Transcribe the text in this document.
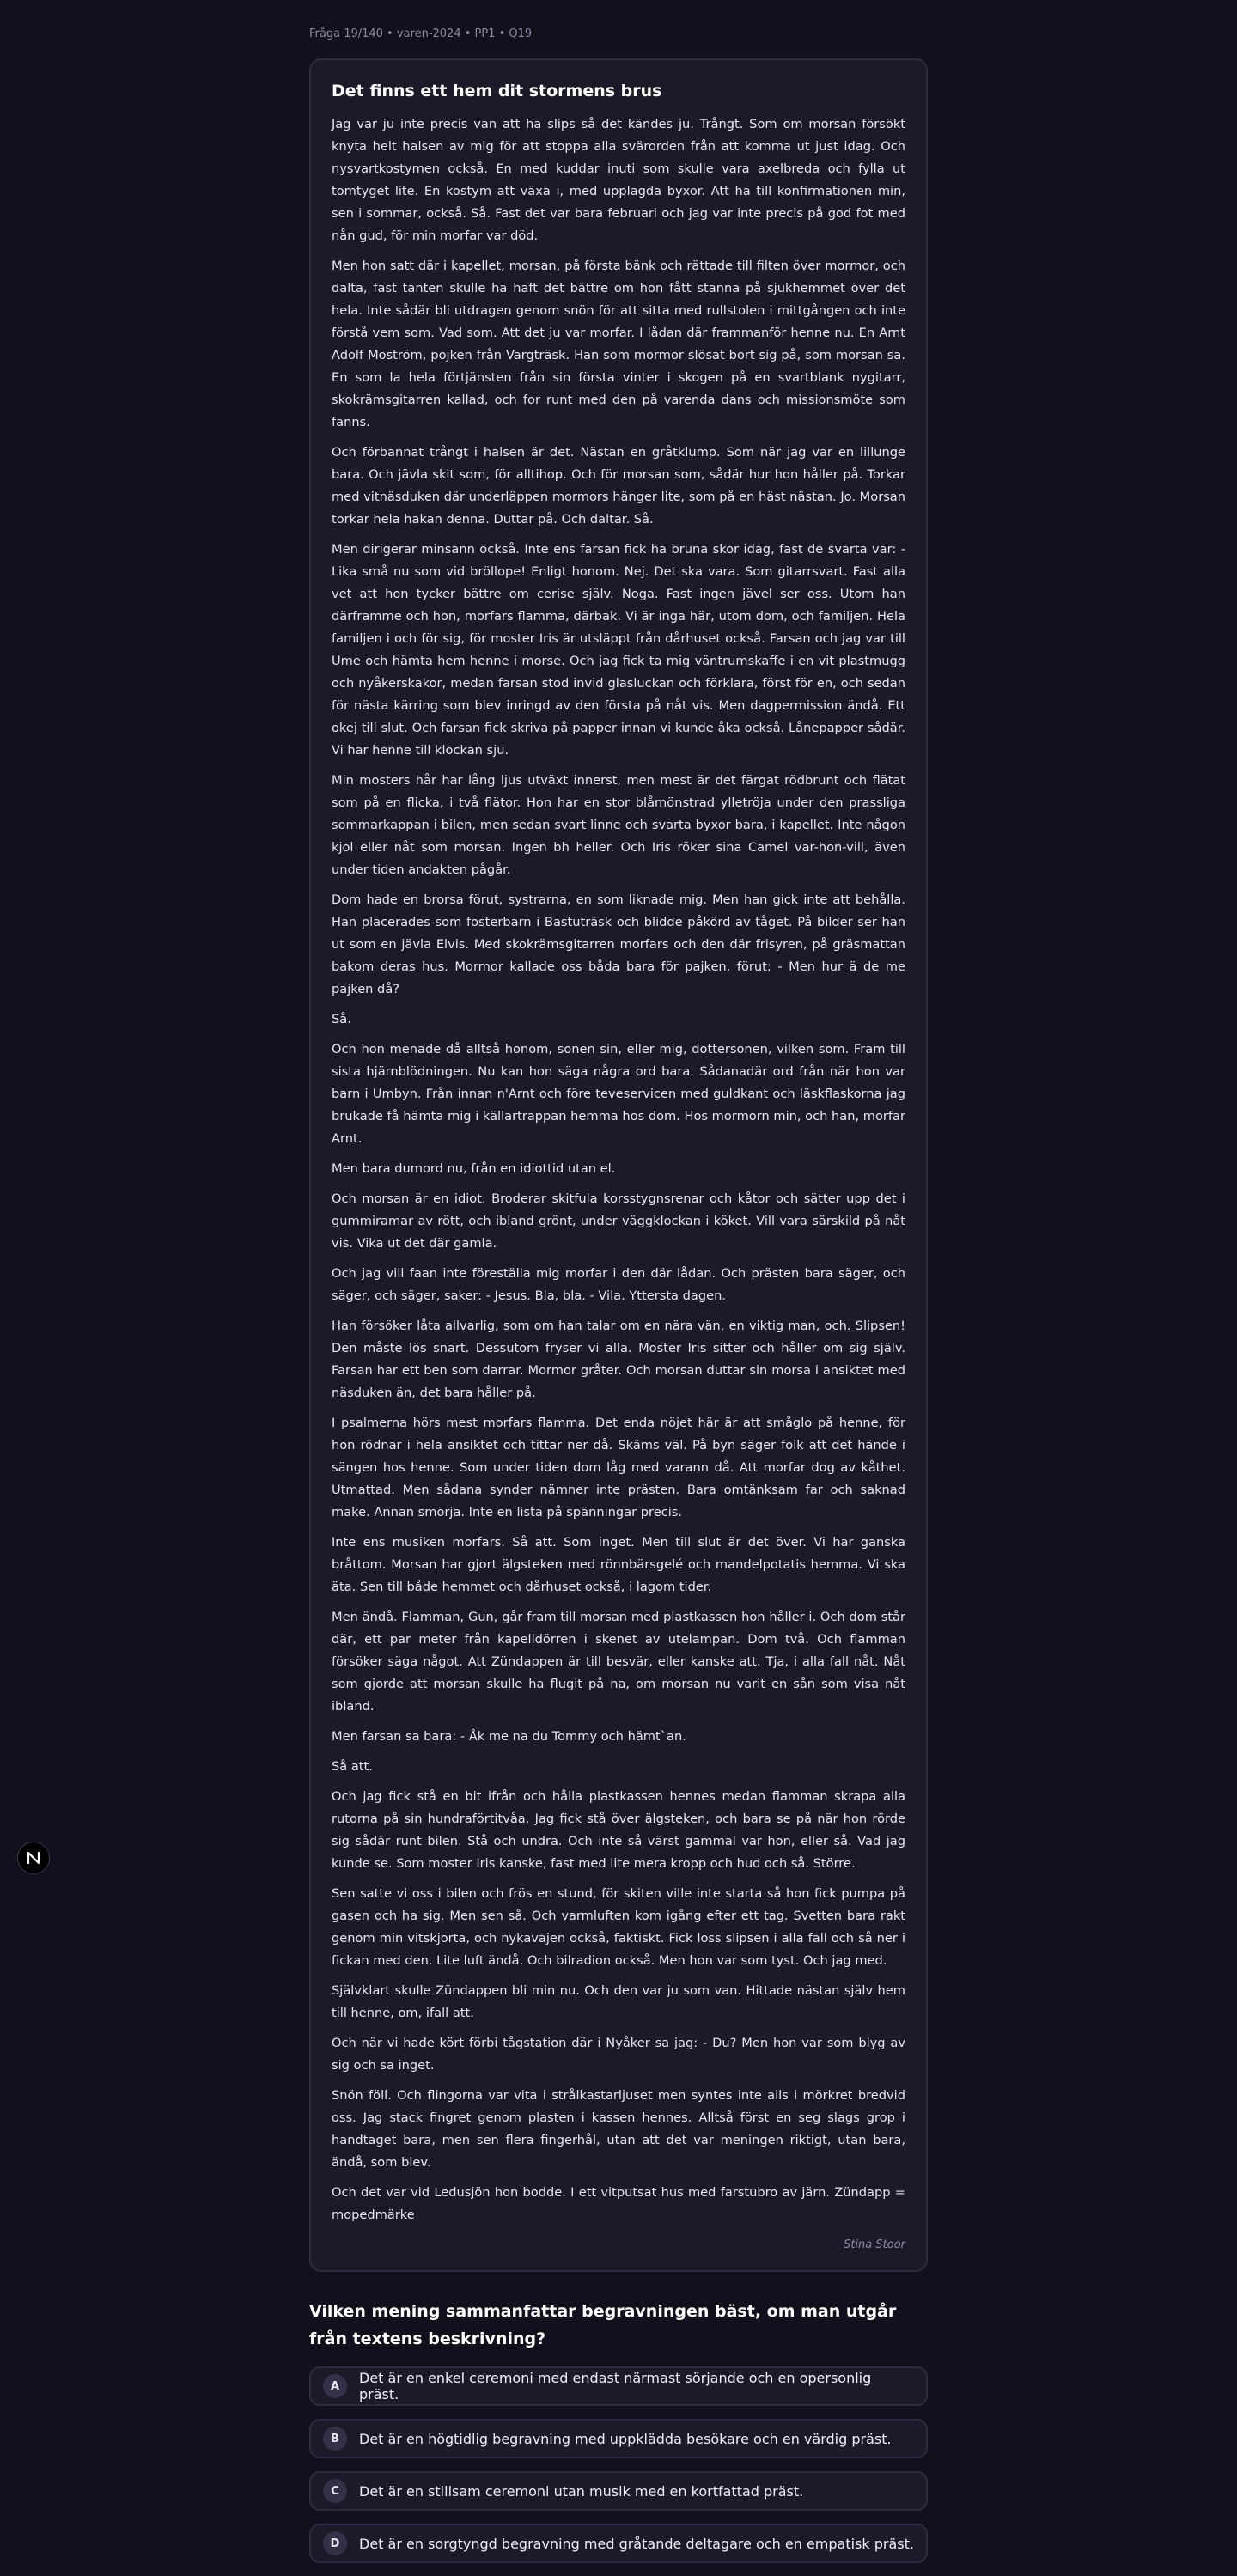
Fråga 19/140 • varen-2024 • PP1 • Q19
Det finns ett hem dit stormens brus

Jag var ju inte precis van att ha slips så det kändes ju. Trångt. Som om morsan försökt knyta helt halsen av mig för att stoppa alla svärorden från att komma ut just idag. Och nysvartkostymen också. En med kuddar inuti som skulle vara axelbreda och fylla ut tomtyget lite. En kostym att växa i, med upplagda byxor. Att ha till konfirmationen min, sen i sommar, också. Så. Fast det var bara februari och jag var inte precis på god fot med nån gud, för min morfar var död.

Men hon satt där i kapellet, morsan, på första bänk och rättade till filten över mormor, och dalta, fast tanten skulle ha haft det bättre om hon fått stanna på sjukhemmet över det hela. Inte sådär bli utdragen genom snön för att sitta med rullstolen i mittgången och inte förstå vem som. Vad som. Att det ju var morfar. I lådan där frammanför henne nu. En Arnt Adolf Moström, pojken från Vargträsk. Han som mormor slösat bort sig på, som morsan sa. En som la hela förtjänsten från sin första vinter i skogen på en svartblank nygitarr, skokrämsgitarren kallad, och for runt med den på varenda dans och missionsmöte som fanns.

Och förbannat trångt i halsen är det. Nästan en gråtklump. Som när jag var en lillunge bara. Och jävla skit som, för alltihop. Och för morsan som, sådär hur hon håller på. Torkar med vitnäsduken där underläppen mormors hänger lite, som på en häst nästan. Jo. Morsan torkar hela hakan denna. Duttar på. Och daltar. Så.

Men dirigerar minsann också. Inte ens farsan fick ha bruna skor idag, fast de svarta var: - Lika små nu som vid bröllope! Enligt honom. Nej. Det ska vara. Som gitarrsvart. Fast alla vet att hon tycker bättre om cerise själv. Noga. Fast ingen jävel ser oss. Utom han därframme och hon, morfars flamma, därbak. Vi är inga här, utom dom, och familjen. Hela familjen i och för sig, för moster Iris är utsläppt från dårhuset också. Farsan och jag var till Ume och hämta hem henne i morse. Och jag fick ta mig väntrumskaffe i en vit plastmugg och nyåkerskakor, medan farsan stod invid glasluckan och förklara, först för en, och sedan för nästa kärring som blev inringd av den första på nåt vis. Men dagpermission ändå. Ett okej till slut. Och farsan fick skriva på papper innan vi kunde åka också. Lånepapper sådär. Vi har henne till klockan sju.

Min mosters hår har lång ljus utväxt innerst, men mest är det färgat rödbrunt och flätat som på en flicka, i två flätor. Hon har en stor blåmönstrad ylletröja under den prassliga sommarkappan i bilen, men sedan svart linne och svarta byxor bara, i kapellet. Inte någon kjol eller nåt som morsan. Ingen bh heller. Och Iris röker sina Camel var-hon-vill, även under tiden andakten pågår.

Dom hade en brorsa förut, systrarna, en som liknade mig. Men han gick inte att behålla. Han placerades som fosterbarn i Bastuträsk och blidde påkörd av tåget. På bilder ser han ut som en jävla Elvis. Med skokrämsgitarren morfars och den där frisyren, på gräsmattan bakom deras hus. Mormor kallade oss båda bara för pajken, förut: - Men hur ä de me pajken då?

Så.

Och hon menade då alltså honom, sonen sin, eller mig, dottersonen, vilken som. Fram till sista hjärnblödningen. Nu kan hon säga några ord bara. Sådanadär ord från när hon var barn i Umbyn. Från innan n'Arnt och före teveservicen med guldkant och läskflaskorna jag brukade få hämta mig i källartrappan hemma hos dom. Hos mormorn min, och han, morfar Arnt.

Men bara dumord nu, från en idiottid utan el.

Och morsan är en idiot. Broderar skitfula korsstygnsrenar och kåtor och sätter upp det i gummiramar av rött, och ibland grönt, under väggklockan i köket. Vill vara särskild på nåt vis. Vika ut det där gamla.

Och jag vill faan inte föreställa mig morfar i den där lådan. Och prästen bara säger, och säger, och säger, saker: - Jesus. Bla, bla. - Vila. Yttersta dagen.

Han försöker låta allvarlig, som om han talar om en nära vän, en viktig man, och. Slipsen! Den måste lös snart. Dessutom fryser vi alla. Moster Iris sitter och håller om sig själv. Farsan har ett ben som darrar. Mormor gråter. Och morsan duttar sin morsa i ansiktet med näsduken än, det bara håller på.

I psalmerna hörs mest morfars flamma. Det enda nöjet här är att småglo på henne, för hon rödnar i hela ansiktet och tittar ner då. Skäms väl. På byn säger folk att det hände i sängen hos henne. Som under tiden dom låg med varann då. Att morfar dog av kåthet. Utmattad. Men sådana synder nämner inte prästen. Bara omtänksam far och saknad make. Annan smörja. Inte en lista på spänningar precis.

Inte ens musiken morfars. Så att. Som inget. Men till slut är det över. Vi har ganska bråttom. Morsan har gjort älgsteken med rönnbärsgelé och mandelpotatis hemma. Vi ska äta. Sen till både hemmet och dårhuset också, i lagom tider.

Men ändå. Flamman, Gun, går fram till morsan med plastkassen hon håller i. Och dom står där, ett par meter från kapelldörren i skenet av utelampan. Dom två. Och flamman försöker säga något. Att Zündappen är till besvär, eller kanske att. Tja, i alla fall nåt. Nåt som gjorde att morsan skulle ha flugit på na, om morsan nu varit en sån som visa nåt ibland.

Men farsan sa bara: - Åk me na du Tommy och hämt`an.

Så att.

Och jag fick stå en bit ifrån och hålla plastkassen hennes medan flamman skrapa alla rutorna på sin hundraförtitvåa. Jag fick stå över älgsteken, och bara se på när hon rörde sig sådär runt bilen. Stå och undra. Och inte så värst gammal var hon, eller så. Vad jag kunde se. Som moster Iris kanske, fast med lite mera kropp och hud och så. Större.

Sen satte vi oss i bilen och frös en stund, för skiten ville inte starta så hon fick pumpa på gasen och ha sig. Men sen så. Och varmluften kom igång efter ett tag. Svetten bara rakt genom min vitskjorta, och nykavajen också, faktiskt. Fick loss slipsen i alla fall och så ner i fickan med den. Lite luft ändå. Och bilradion också. Men hon var som tyst. Och jag med.

Självklart skulle Zündappen bli min nu. Och den var ju som van. Hittade nästan själv hem till henne, om, ifall att.

Och när vi hade kört förbi tågstation där i Nyåker sa jag: - Du? Men hon var som blyg av sig och sa inget.

Snön föll. Och flingorna var vita i strålkastarljuset men syntes inte alls i mörkret bredvid oss. Jag stack fingret genom plasten i kassen hennes. Alltså först en seg slags grop i handtaget bara, men sen flera fingerhål, utan att det var meningen riktigt, utan bara, ändå, som blev.

Och det var vid Ledusjön hon bodde. I ett vitputsat hus med farstubro av järn. Zündapp = mopedmärke

Stina Stoor
Vilken mening sammanfattar begravningen bäst, om man utgår från textens beskrivning?
A	Det är en enkel ceremoni med endast närmast sörjande och en opersonlig präst.
B	Det är en högtidlig begravning med uppklädda besökare och en värdig präst.
C	Det är en stillsam ceremoni utan musik med en kortfattad präst.
D	Det är en sorgtyngd begravning med gråtande deltagare och en empatisk präst.
